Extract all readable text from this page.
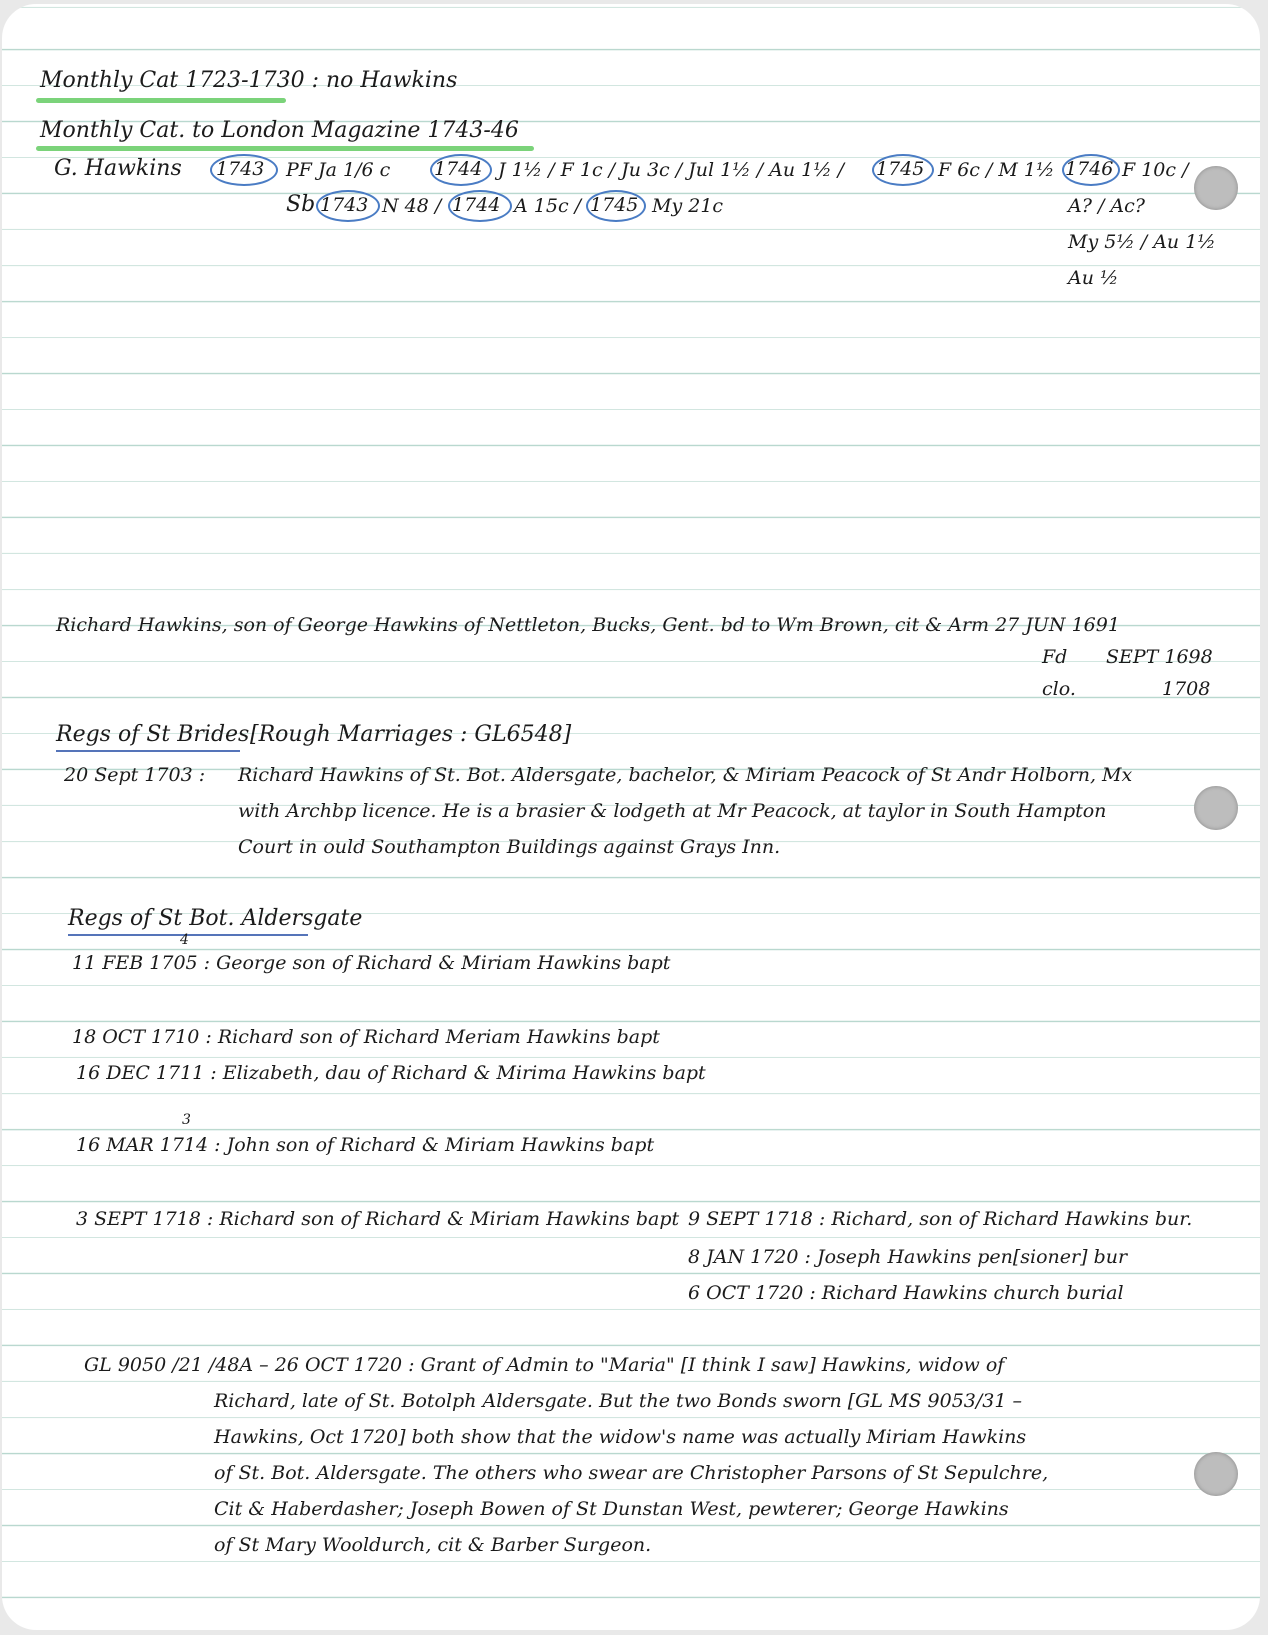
Monthly Cat 1723-1730 : no Hawkins
Monthly Cat. to London Magazine 1743-46
G. Hawkins 1743 PF Ja 1/6 c 1744 J 1½ / F 1c / Ju 3c / Jul 1½ / Au 1½ / 1745 F 6c / M 1½ 1746 F 10c /
Sb 1743 N 48 / 1744 A 15c / 1745 My 21c	A? / Ac?
My 5½ / Au 1½
Au ½
Richard Hawkins, son of George Hawkins of Nettleton, Bucks, Gent. bd to Wm Brown, cit & Arm 27 JUN 1691
Fd SEPT 1698
clo.	1708
Regs of St Brides [Rough Marriages : GL6548]
20 Sept 1703 : Richard Hawkins of St. Bot. Aldersgate, bachelor, & Miriam Peacock of St Andr Holborn, Mx
with Archbp licence. He is a brasier & lodgeth at Mr Peacock, at taylor in South Hampton
Court in ould Southampton Buildings against Grays Inn.
Regs of St Bot. Aldersgate
4
11 FEB 1705 : George son of Richard & Miriam Hawkins bapt
18 OCT 1710 : Richard son of Richard Meriam Hawkins bapt
16 DEC 1711 : Elizabeth, dau of Richard & Mirima Hawkins bapt
3
16 MAR 1714 : John son of Richard & Miriam Hawkins bapt
3 SEPT 1718 : Richard son of Richard & Miriam Hawkins bapt 9 SEPT 1718 : Richard, son of Richard Hawkins bur.
8 JAN 1720 : Joseph Hawkins pen[sioner] bur
6 OCT 1720 : Richard Hawkins church burial
GL 9050 /21 /48A – 26 OCT 1720 : Grant of Admin to "Maria" [I think I saw] Hawkins, widow of
Richard, late of St. Botolph Aldersgate. But the two Bonds sworn [GL MS 9053/31 –
Hawkins, Oct 1720] both show that the widow's name was actually Miriam Hawkins
of St. Bot. Aldersgate. The others who swear are Christopher Parsons of St Sepulchre,
Cit & Haberdasher; Joseph Bowen of St Dunstan West, pewterer; George Hawkins
of St Mary Wooldurch, cit & Barber Surgeon.
